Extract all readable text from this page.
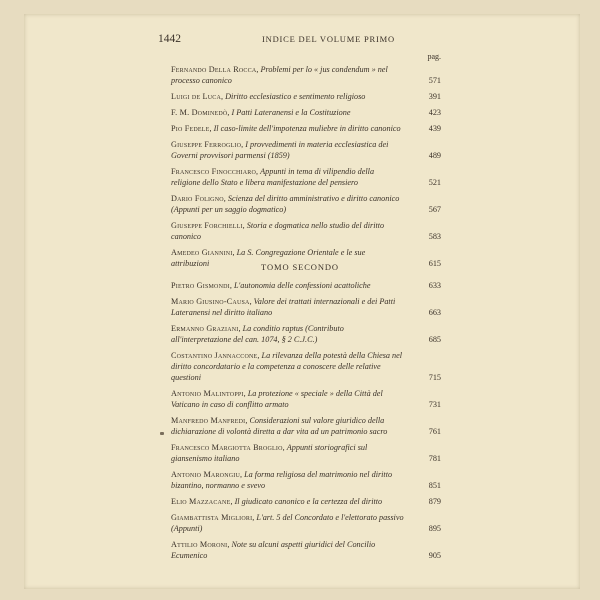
1442	INDICE DEL VOLUME PRIMO
pag.
Fernando Della Rocca, Problemi per lo « jus condendum » nel processo canonico	571
Luigi de Luca, Diritto ecclesiastico e sentimento religioso	391
F. M. Dominedò, I Patti Lateranensi e la Costituzione	423
Pio Fedele, Il caso-limite dell'impotenza muliebre in diritto canonico	439
Giuseppe Ferroglio, I provvedimenti in materia ecclesiastica dei Governi provvisori parmensi (1859)	489
Francesco Finocchiaro, Appunti in tema di vilipendio della religione dello Stato e libera manifestazione del pensiero	521
Dario Foligno, Scienza del diritto amministrativo e diritto canonico (Appunti per un saggio dogmatico)	567
Giuseppe Forchielli, Storia e dogmatica nello studio del diritto canonico	583
Amedeo Giannini, La S. Congregazione Orientale e le sue attribuzioni	615
TOMO SECONDO
Pietro Gismondi, L'autonomia delle confessioni acattoliche	633
Mario Giusino-Causa, Valore dei trattati internazionali e dei Patti Lateranensi nel diritto italiano	663
Ermanno Graziani, La conditio raptus (Contributo all'interpretazione del can. 1074, § 2 C.J.C.)	685
Costantino Jannaccone, La rilevanza della potestà della Chiesa nel diritto concordatario e la competenza a conoscere delle relative questioni	715
Antonio Malintoppi, La protezione « speciale » della Città del Vaticano in caso di conflitto armato	731
Manfredo Manfredi, Considerazioni sul valore giuridico della dichiarazione di volontà diretta a dar vita ad un patrimonio sacro	761
Francesco Margiotta Broglio, Appunti storiografici sul giansenismo italiano	781
Antonio Marongiu, La forma religiosa del matrimonio nel diritto bizantino, normanno e svevo	851
Elio Mazzacane, Il giudicato canonico e la certezza del diritto	879
Giambattista Migliori, L'art. 5 del Concordato e l'elettorato passivo (Appunti)	895
Attilio Moroni, Note su alcuni aspetti giuridici del Concilio Ecumenico	905
